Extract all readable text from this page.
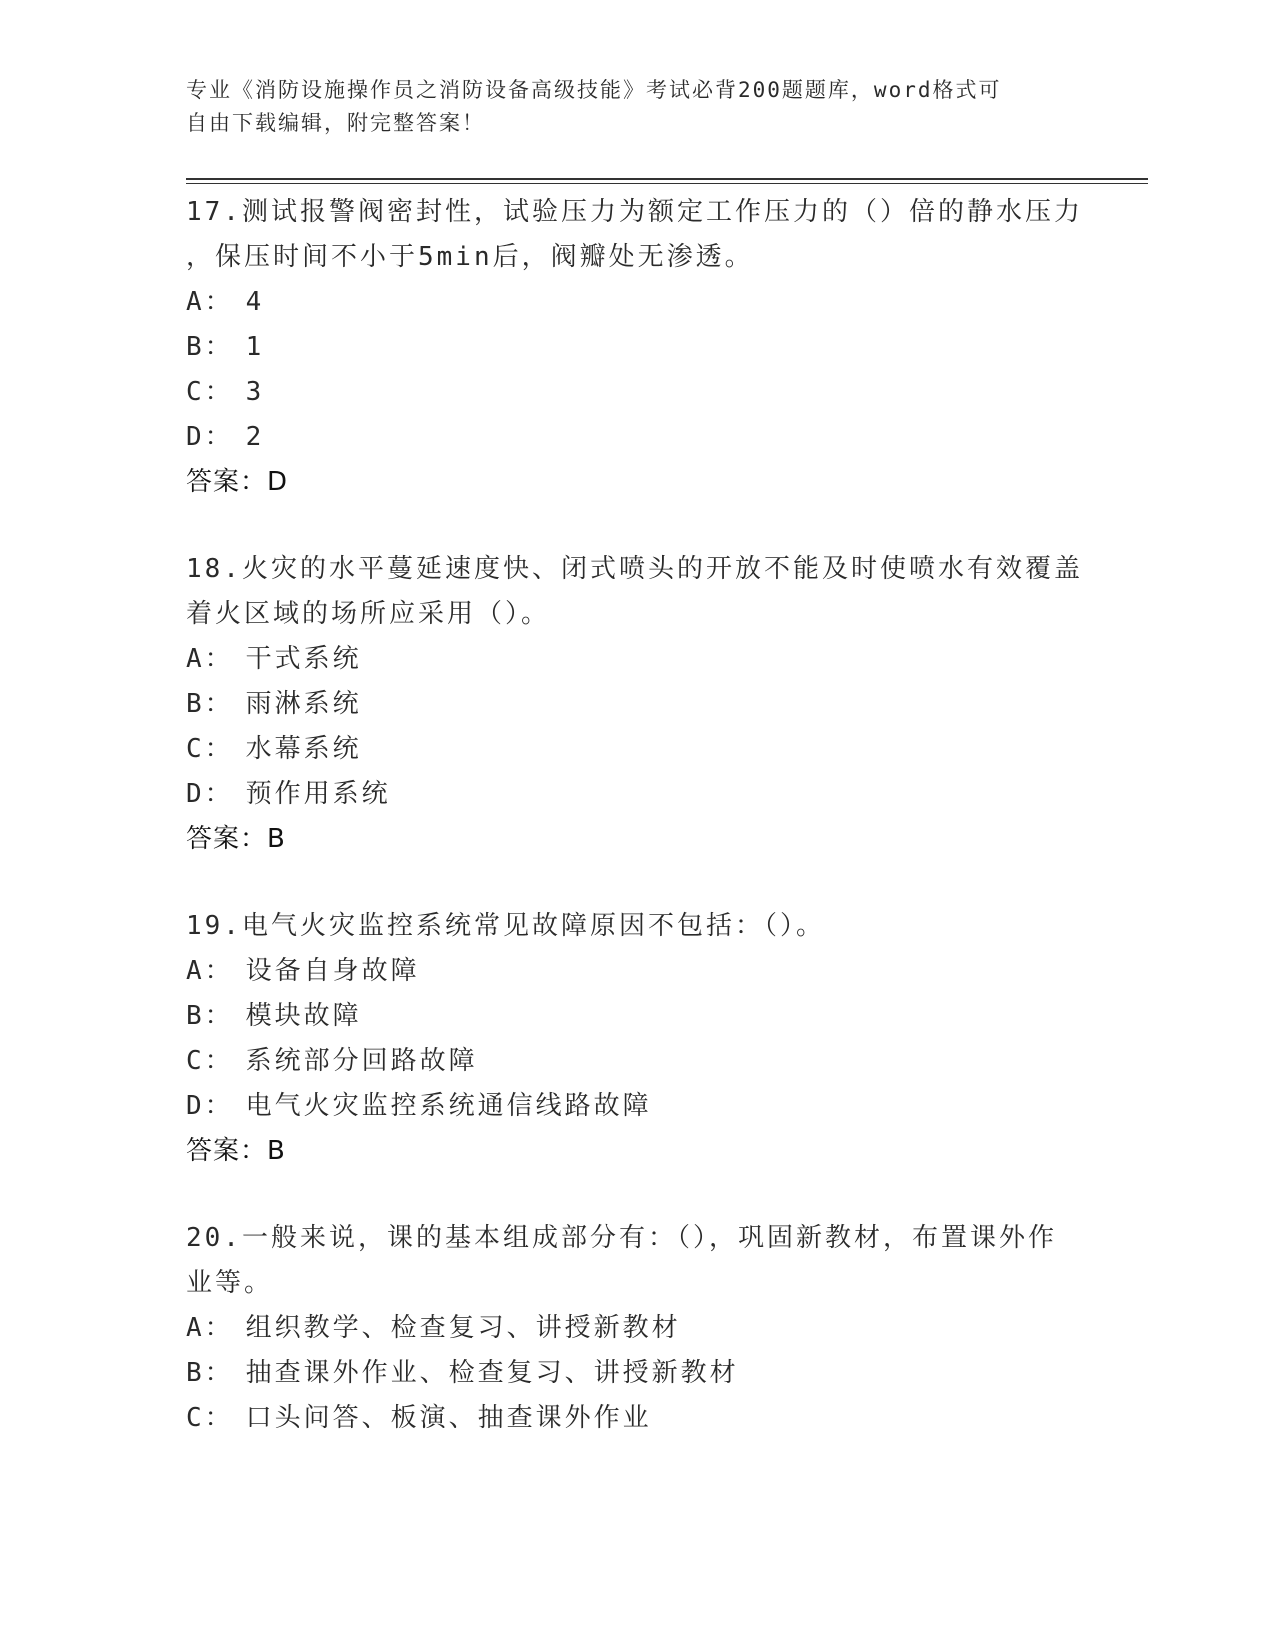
专业《消防设施操作员之消防设备高级技能》考试必背200题题库，word格式可
自由下载编辑，附完整答案！
17.测试报警阀密封性，试验压力为额定工作压力的（）倍的静水压力
，保压时间不小于5min后，阀瓣处无渗透。
A： 4
B： 1
C： 3
D： 2
答案：D
18.火灾的水平蔓延速度快、闭式喷头的开放不能及时使喷水有效覆盖
着火区域的场所应采用（）。
A： 干式系统
B： 雨淋系统
C： 水幕系统
D： 预作用系统
答案：B
19.电气火灾监控系统常见故障原因不包括：（）。
A： 设备自身故障
B： 模块故障
C： 系统部分回路故障
D： 电气火灾监控系统通信线路故障
答案：B
20.一般来说，课的基本组成部分有：（），巩固新教材，布置课外作
业等。
A： 组织教学、检查复习、讲授新教材
B： 抽查课外作业、检查复习、讲授新教材
C： 口头问答、板演、抽查课外作业
